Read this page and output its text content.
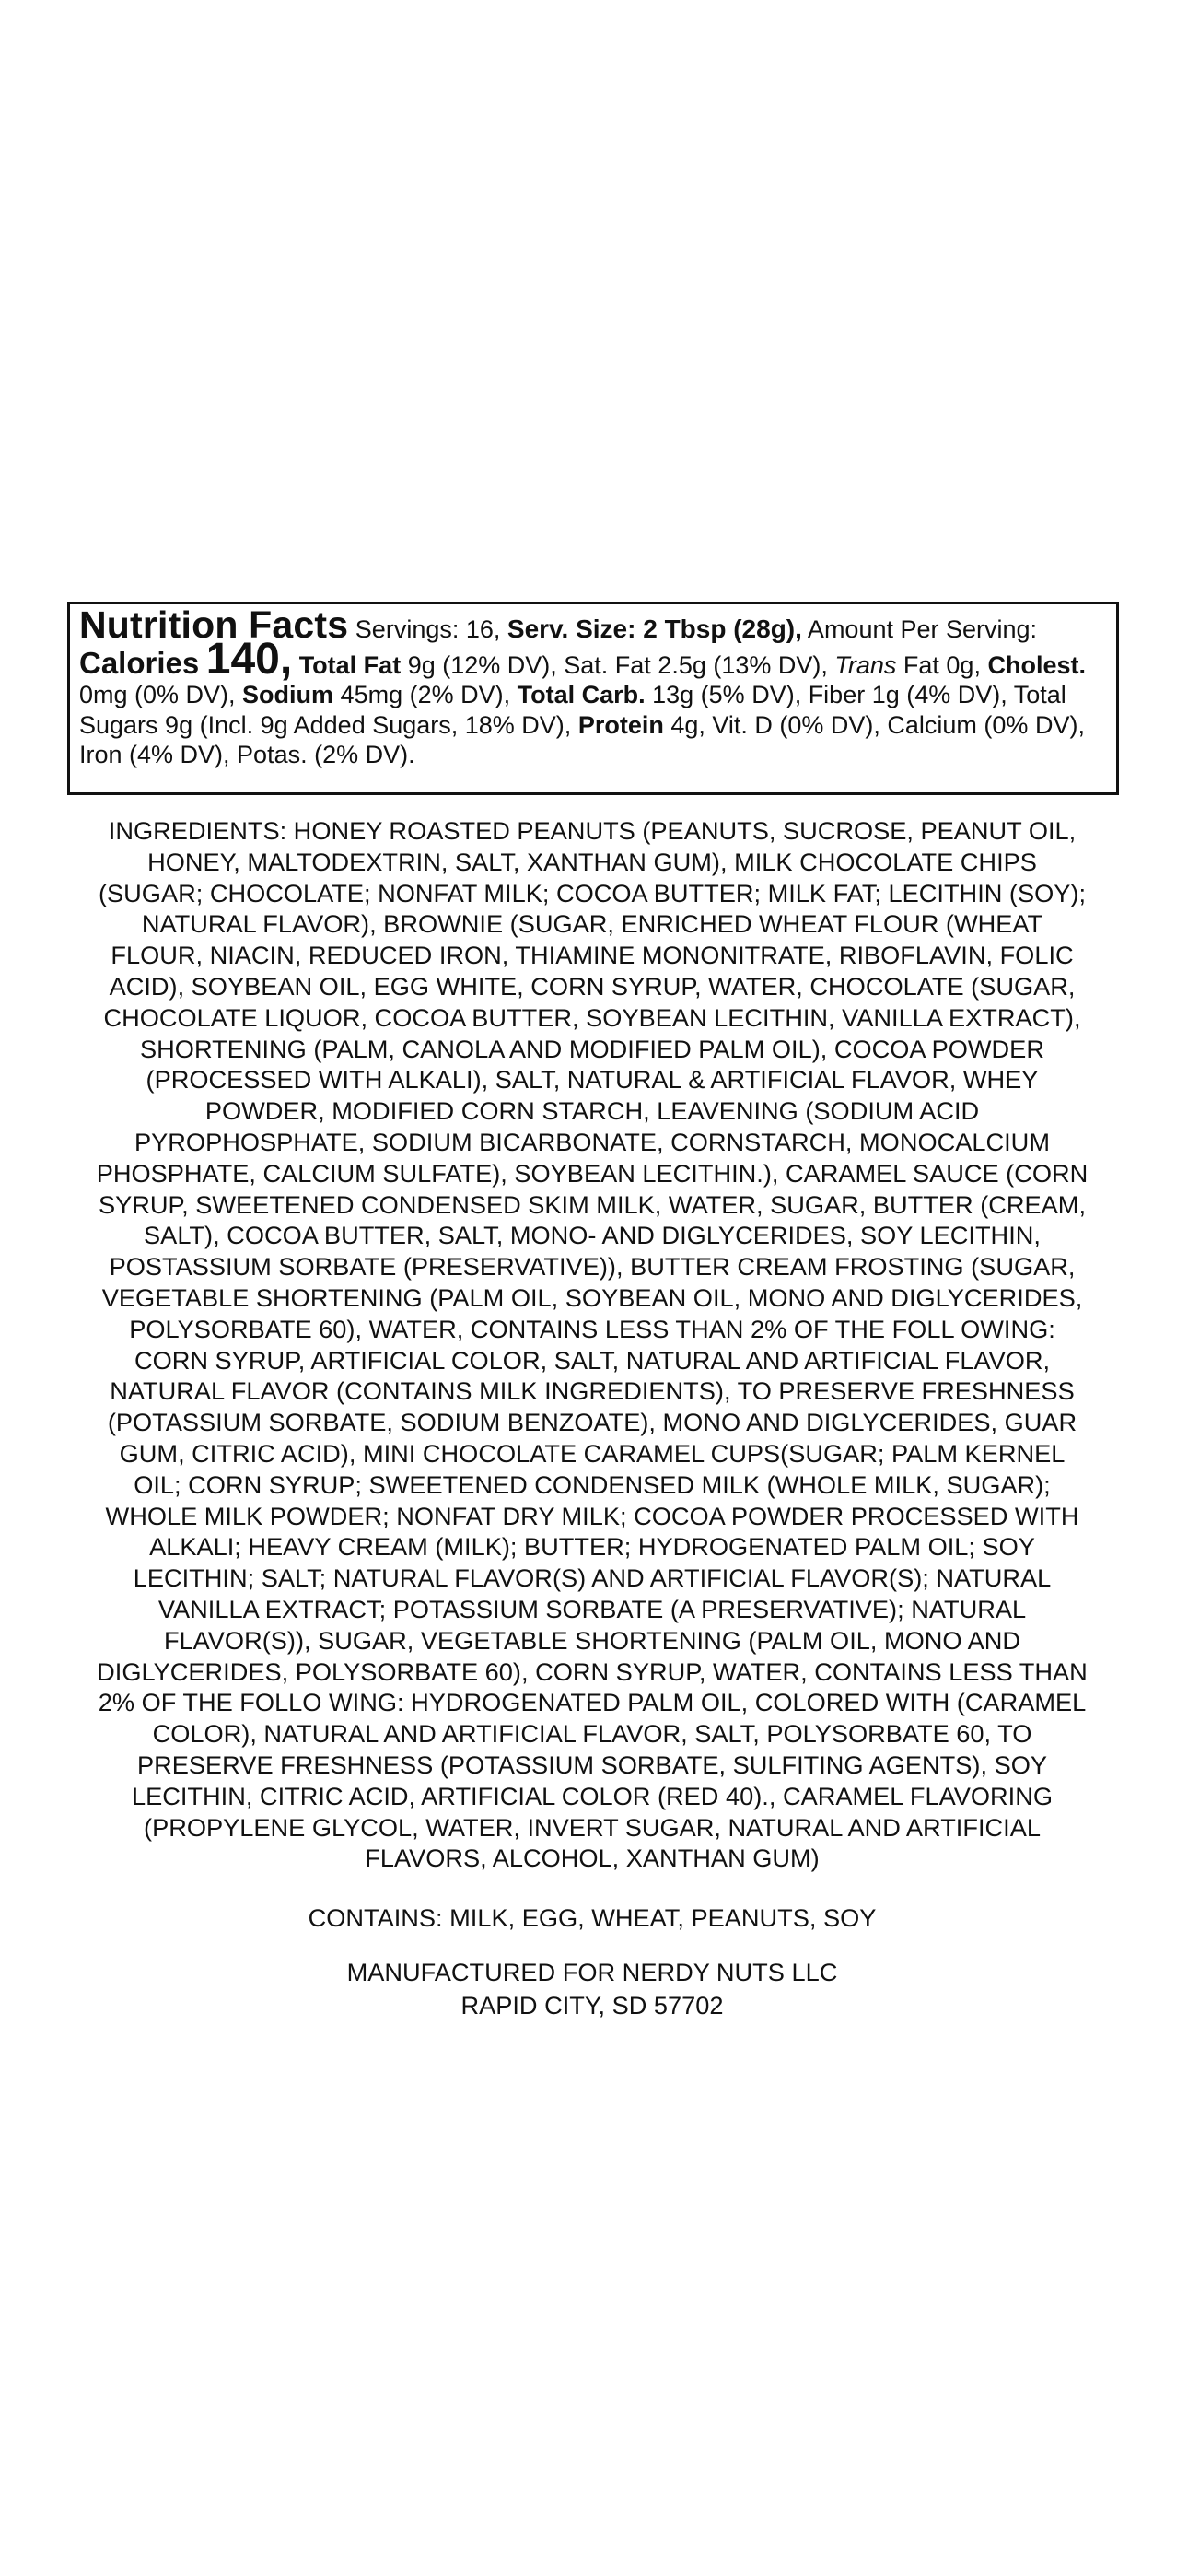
Nutrition Facts Servings: 16, Serv. Size: 2 Tbsp (28g), Amount Per Serving: Calories 140, Total Fat 9g (12% DV), Sat. Fat 2.5g (13% DV), Trans Fat 0g, Cholest. 0mg (0% DV), Sodium 45mg (2% DV), Total Carb. 13g (5% DV), Fiber 1g (4% DV), Total Sugars 9g (Incl. 9g Added Sugars, 18% DV), Protein 4g, Vit. D (0% DV), Calcium (0% DV), Iron (4% DV), Potas. (2% DV).

INGREDIENTS: HONEY ROASTED PEANUTS (PEANUTS, SUCROSE, PEANUT OIL,
HONEY, MALTODEXTRIN, SALT, XANTHAN GUM), MILK CHOCOLATE CHIPS
(SUGAR; CHOCOLATE; NONFAT MILK; COCOA BUTTER; MILK FAT; LECITHIN (SOY);
NATURAL FLAVOR), BROWNIE (SUGAR, ENRICHED WHEAT FLOUR (WHEAT
FLOUR, NIACIN, REDUCED IRON, THIAMINE MONONITRATE, RIBOFLAVIN, FOLIC
ACID), SOYBEAN OIL, EGG WHITE, CORN SYRUP, WATER, CHOCOLATE (SUGAR,
CHOCOLATE LIQUOR, COCOA BUTTER, SOYBEAN LECITHIN, VANILLA EXTRACT),
SHORTENING (PALM, CANOLA AND MODIFIED PALM OIL), COCOA POWDER
(PROCESSED WITH ALKALI), SALT, NATURAL & ARTIFICIAL FLAVOR, WHEY
POWDER, MODIFIED CORN STARCH, LEAVENING (SODIUM ACID
PYROPHOSPHATE, SODIUM BICARBONATE, CORNSTARCH, MONOCALCIUM
PHOSPHATE, CALCIUM SULFATE), SOYBEAN LECITHIN.), CARAMEL SAUCE (CORN
SYRUP, SWEETENED CONDENSED SKIM MILK, WATER, SUGAR, BUTTER (CREAM,
SALT), COCOA BUTTER, SALT, MONO- AND DIGLYCERIDES, SOY LECITHIN,
POSTASSIUM SORBATE (PRESERVATIVE)), BUTTER CREAM FROSTING (SUGAR,
VEGETABLE SHORTENING (PALM OIL, SOYBEAN OIL, MONO AND DIGLYCERIDES,
POLYSORBATE 60), WATER, CONTAINS LESS THAN 2% OF THE FOLL OWING:
CORN SYRUP, ARTIFICIAL COLOR, SALT, NATURAL AND ARTIFICIAL FLAVOR,
NATURAL FLAVOR (CONTAINS MILK INGREDIENTS), TO PRESERVE FRESHNESS
(POTASSIUM SORBATE, SODIUM BENZOATE), MONO AND DIGLYCERIDES, GUAR
GUM, CITRIC ACID), MINI CHOCOLATE CARAMEL CUPS(SUGAR; PALM KERNEL
OIL; CORN SYRUP; SWEETENED CONDENSED MILK (WHOLE MILK, SUGAR);
WHOLE MILK POWDER; NONFAT DRY MILK; COCOA POWDER PROCESSED WITH
ALKALI; HEAVY CREAM (MILK); BUTTER; HYDROGENATED PALM OIL; SOY
LECITHIN; SALT; NATURAL FLAVOR(S) AND ARTIFICIAL FLAVOR(S); NATURAL
VANILLA EXTRACT; POTASSIUM SORBATE (A PRESERVATIVE); NATURAL
FLAVOR(S)), SUGAR, VEGETABLE SHORTENING (PALM OIL, MONO AND
DIGLYCERIDES, POLYSORBATE 60), CORN SYRUP, WATER, CONTAINS LESS THAN
2% OF THE FOLLO WING: HYDROGENATED PALM OIL, COLORED WITH (CARAMEL
COLOR), NATURAL AND ARTIFICIAL FLAVOR, SALT, POLYSORBATE 60, TO
PRESERVE FRESHNESS (POTASSIUM SORBATE, SULFITING AGENTS), SOY
LECITHIN, CITRIC ACID, ARTIFICIAL COLOR (RED 40)., CARAMEL FLAVORING
(PROPYLENE GLYCOL, WATER, INVERT SUGAR, NATURAL AND ARTIFICIAL
FLAVORS, ALCOHOL, XANTHAN GUM)

CONTAINS: MILK, EGG, WHEAT, PEANUTS, SOY

MANUFACTURED FOR NERDY NUTS LLC
RAPID CITY, SD 57702
